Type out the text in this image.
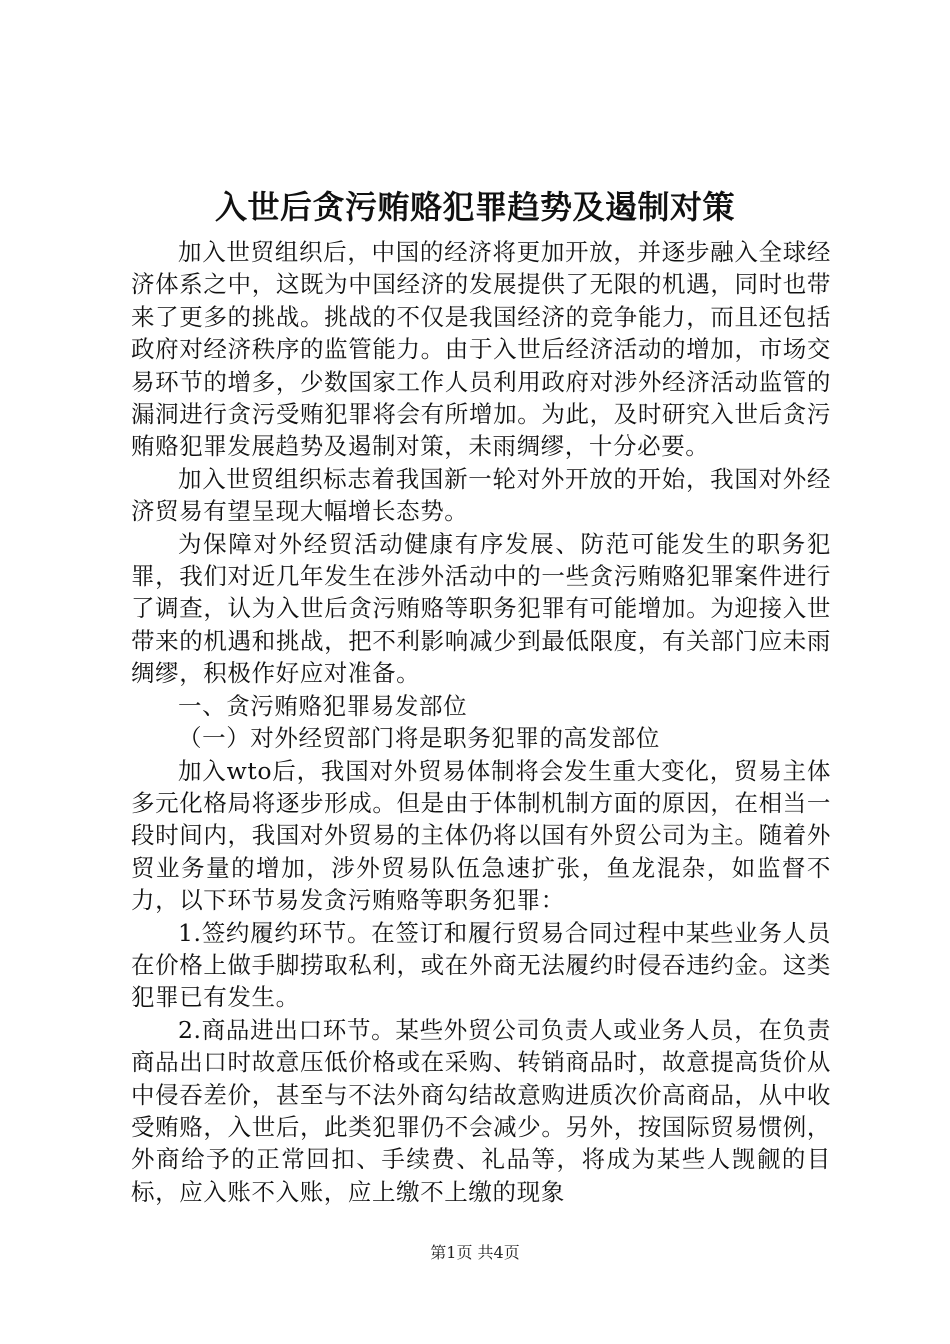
入世后贪污贿赂犯罪趋势及遏制对策

加入世贸组织后，中国的经济将更加开放，并逐步融入全球经济体系之中，这既为中国经济的发展提供了无限的机遇，同时也带来了更多的挑战。挑战的不仅是我国经济的竞争能力，而且还包括政府对经济秩序的监管能力。由于入世后经济活动的增加，市场交易环节的增多，少数国家工作人员利用政府对涉外经济活动监管的漏洞进行贪污受贿犯罪将会有所增加。为此，及时研究入世后贪污贿赂犯罪发展趋势及遏制对策，未雨绸缪，十分必要。

加入世贸组织标志着我国新一轮对外开放的开始，我国对外经济贸易有望呈现大幅增长态势。

为保障对外经贸活动健康有序发展、防范可能发生的职务犯罪，我们对近几年发生在涉外活动中的一些贪污贿赂犯罪案件进行了调查，认为入世后贪污贿赂等职务犯罪有可能增加。为迎接入世带来的机遇和挑战，把不利影响减少到最低限度，有关部门应未雨绸缪，积极作好应对准备。

一、贪污贿赂犯罪易发部位

（一）对外经贸部门将是职务犯罪的高发部位

加入wto后，我国对外贸易体制将会发生重大变化，贸易主体多元化格局将逐步形成。但是由于体制机制方面的原因，在相当一段时间内，我国对外贸易的主体仍将以国有外贸公司为主。随着外贸业务量的增加，涉外贸易队伍急速扩张，鱼龙混杂，如监督不力，以下环节易发贪污贿赂等职务犯罪：

1.签约履约环节。在签订和履行贸易合同过程中某些业务人员在价格上做手脚捞取私利，或在外商无法履约时侵吞违约金。这类犯罪已有发生。

2.商品进出口环节。某些外贸公司负责人或业务人员，在负责商品出口时故意压低价格或在采购、转销商品时，故意提高货价从中侵吞差价，甚至与不法外商勾结故意购进质次价高商品，从中收受贿赂，入世后，此类犯罪仍不会减少。另外，按国际贸易惯例，外商给予的正常回扣、手续费、礼品等，将成为某些人觊觎的目标，应入账不入账，应上缴不上缴的现象

第1页 共4页
